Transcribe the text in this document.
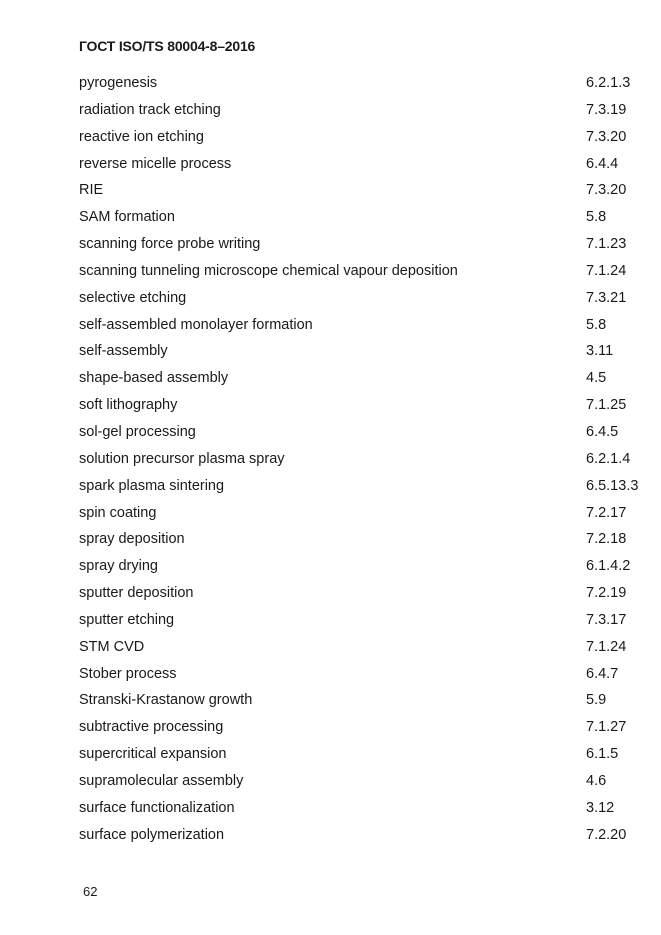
ГОСТ ISO/TS 80004-8–2016
pyrogenesis	6.2.1.3
radiation track etching	7.3.19
reactive ion etching	7.3.20
reverse micelle process	6.4.4
RIE	7.3.20
SAM formation	5.8
scanning force probe writing	7.1.23
scanning tunneling microscope chemical vapour deposition	7.1.24
selective etching	7.3.21
self-assembled monolayer formation	5.8
self-assembly	3.11
shape-based assembly	4.5
soft lithography	7.1.25
sol-gel processing	6.4.5
solution precursor plasma spray	6.2.1.4
spark plasma sintering	6.5.13.3
spin coating	7.2.17
spray deposition	7.2.18
spray drying	6.1.4.2
sputter deposition	7.2.19
sputter etching	7.3.17
STM CVD	7.1.24
Stober process	6.4.7
Stranski-Krastanow growth	5.9
subtractive processing	7.1.27
supercritical expansion	6.1.5
supramolecular assembly	4.6
surface functionalization	3.12
surface polymerization	7.2.20
62
